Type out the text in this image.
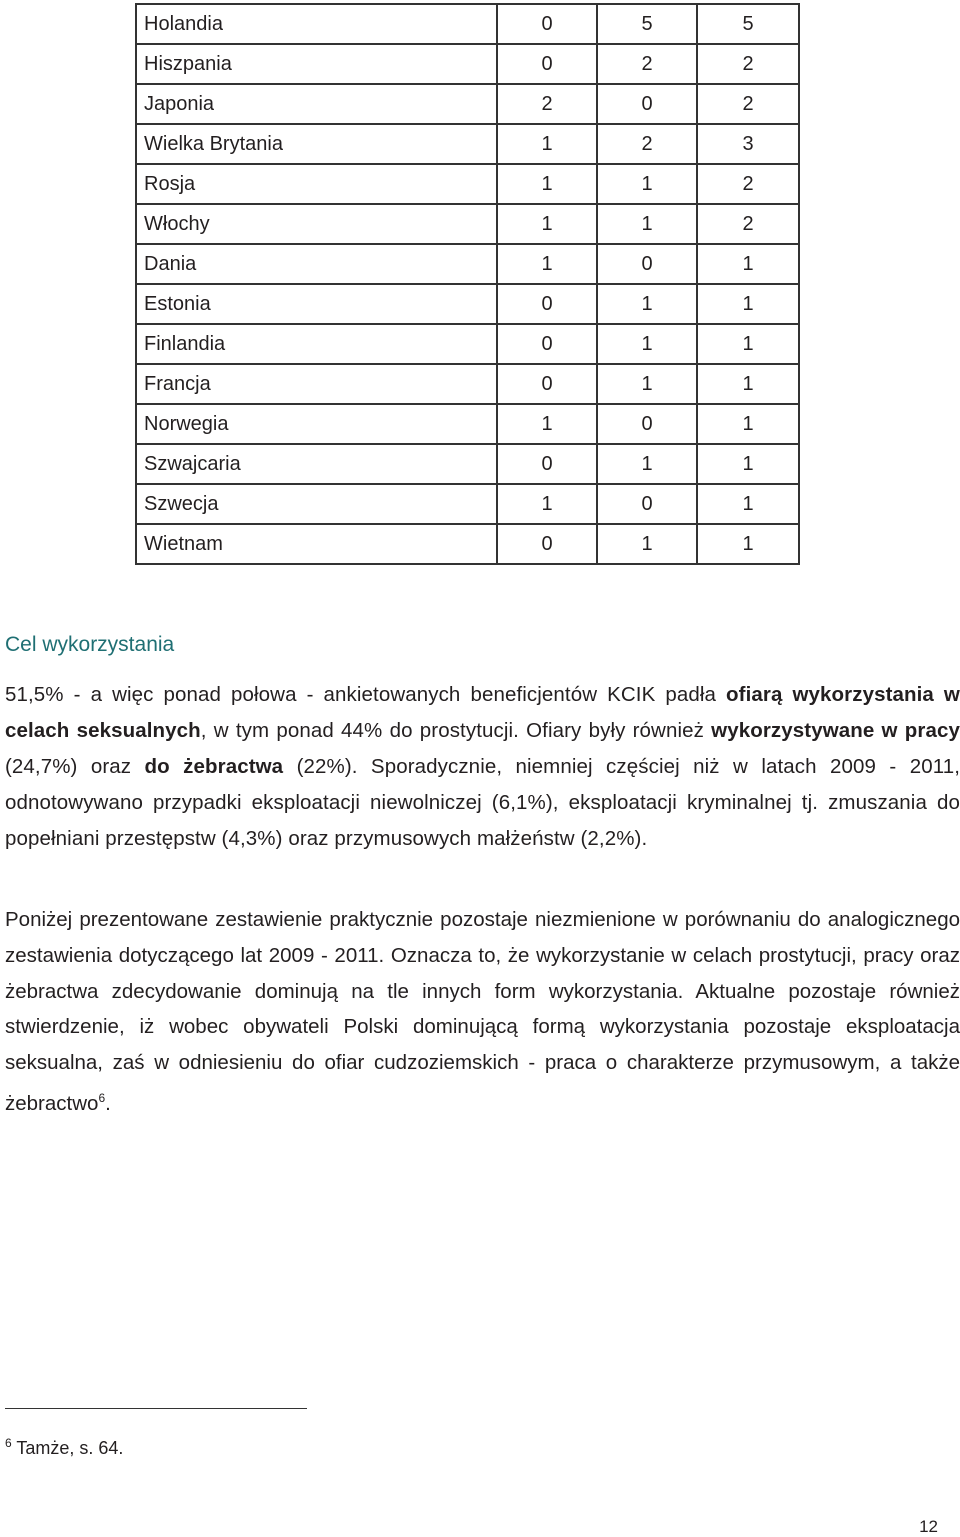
Holandia	0	5	5
Hiszpania	0	2	2
Japonia	2	0	2
Wielka Brytania	1	2	3
Rosja	1	1	2
Włochy	1	1	2
Dania	1	0	1
Estonia	0	1	1
Finlandia	0	1	1
Francja	0	1	1
Norwegia	1	0	1
Szwajcaria	0	1	1
Szwecja	1	0	1
Wietnam	0	1	1
Cel wykorzystania

51,5% - a więc ponad połowa - ankietowanych beneficjentów KCIK padła ofiarą wykorzystania w celach seksualnych, w tym ponad 44% do prostytucji. Ofiary były również wykorzystywane w pracy (24,7%) oraz do żebractwa (22%). Sporadycznie, niemniej częściej niż w latach 2009 - 2011, odnotowywano przypadki eksploatacji niewolniczej (6,1%), eksploatacji kryminalnej tj. zmuszania do popełniani przestępstw (4,3%) oraz przymusowych małżeństw (2,2%).

Poniżej prezentowane zestawienie praktycznie pozostaje niezmienione w porównaniu do analogicznego zestawienia dotyczącego lat 2009 - 2011. Oznacza to, że wykorzystanie w celach prostytucji, pracy oraz żebractwa zdecydowanie dominują na tle innych form wykorzystania. Aktualne pozostaje również stwierdzenie, iż wobec obywateli Polski dominującą formą wykorzystania pozostaje eksploatacja seksualna, zaś w odniesieniu do ofiar cudzoziemskich - praca o charakterze przymusowym, a także żebractwo$^6$.

$^6$ Tamże, s. 64.
12
